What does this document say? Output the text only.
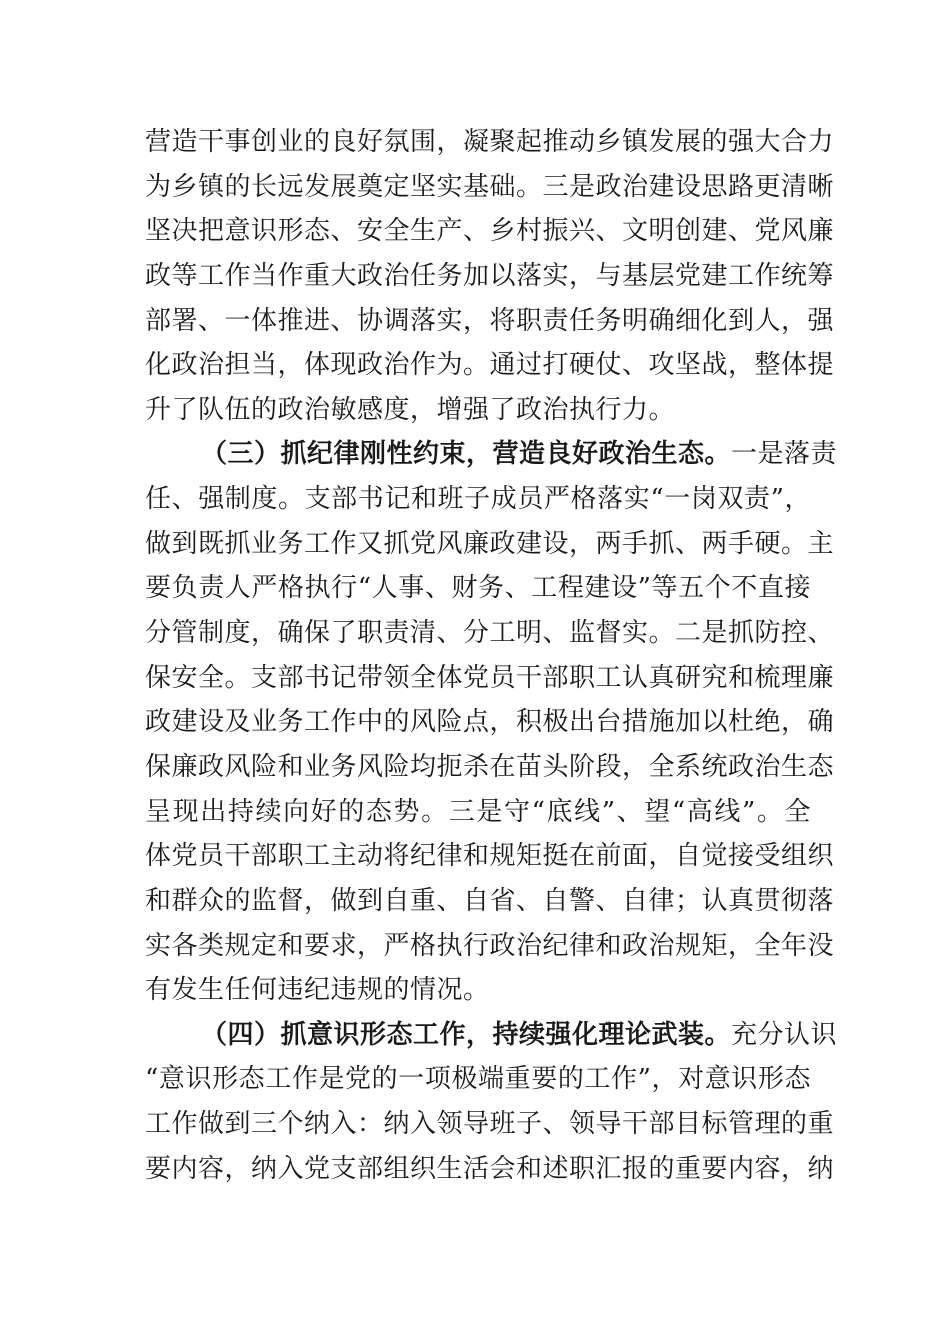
营造干事创业的良好氛围，凝聚起推动乡镇发展的强大合力
为乡镇的长远发展奠定坚实基础。三是政治建设思路更清晰
坚决把意识形态、安全生产、乡村振兴、文明创建、党风廉
政等工作当作重大政治任务加以落实，与基层党建工作统筹
部署、一体推进、协调落实，将职责任务明确细化到人，强
化政治担当，体现政治作为。通过打硬仗、攻坚战，整体提
升了队伍的政治敏感度，增强了政治执行力。
（三）抓纪律刚性约束，营造良好政治生态。一是落责
任、强制度。支部书记和班子成员严格落实“一岗双责”，
做到既抓业务工作又抓党风廉政建设，两手抓、两手硬。主
要负责人严格执行“人事、财务、工程建设”等五个不直接
分管制度，确保了职责清、分工明、监督实。二是抓防控、
保安全。支部书记带领全体党员干部职工认真研究和梳理廉
政建设及业务工作中的风险点，积极出台措施加以杜绝，确
保廉政风险和业务风险均扼杀在苗头阶段，全系统政治生态
呈现出持续向好的态势。三是守“底线”、望“高线”。全
体党员干部职工主动将纪律和规矩挺在前面，自觉接受组织
和群众的监督，做到自重、自省、自警、自律；认真贯彻落
实各类规定和要求，严格执行政治纪律和政治规矩，全年没
有发生任何违纪违规的情况。
（四）抓意识形态工作，持续强化理论武装。充分认识
“意识形态工作是党的一项极端重要的工作”，对意识形态
工作做到三个纳入：纳入领导班子、领导干部目标管理的重
要内容，纳入党支部组织生活会和述职汇报的重要内容，纳
